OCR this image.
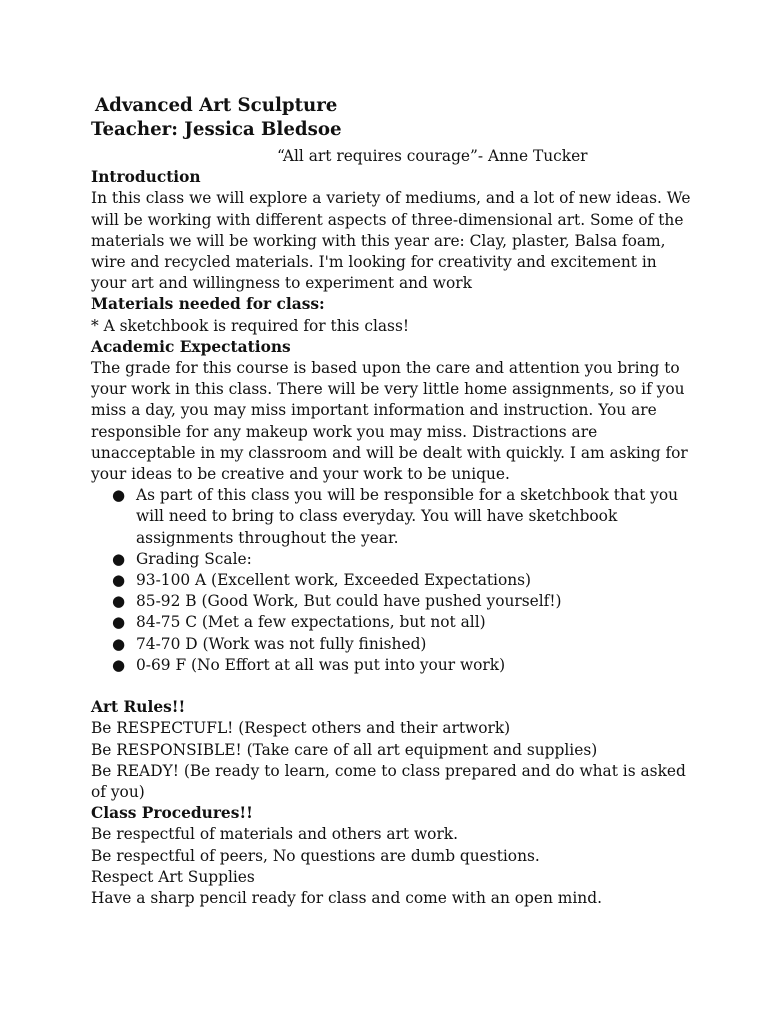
Advanced Art Sculpture
Teacher: Jessica Bledsoe

“All art requires courage”- Anne Tucker

Introduction

In this class we will explore a variety of mediums, and a lot of new ideas. We will be working with different aspects of three-dimensional art. Some of the materials we will be working with this year are: Clay, plaster, Balsa foam, wire and recycled materials. I'm looking for creativity and excitement in your art and willingness to experiment and work

Materials needed for class:

* A sketchbook is required for this class!

Academic Expectations

The grade for this course is based upon the care and attention you bring to your work in this class. There will be very little home assignments, so if you miss a day, you may miss important information and instruction. You are responsible for any makeup work you may miss. Distractions are unacceptable in my classroom and will be dealt with quickly. I am asking for your ideas to be creative and your work to be unique.

● As part of this class you will be responsible for a sketchbook that you will need to bring to class everyday. You will have sketchbook assignments throughout the year.
● Grading Scale:
● 93-100 A (Excellent work, Exceeded Expectations)
● 85-92 B (Good Work, But could have pushed yourself!)
● 84-75 C (Met a few expectations, but not all)
● 74-70 D (Work was not fully finished)
● 0-69 F (No Effort at all was put into your work)

Art Rules!!

Be RESPECTUFL! (Respect others and their artwork)

Be RESPONSIBLE! (Take care of all art equipment and supplies)

Be READY! (Be ready to learn, come to class prepared and do what is asked of you)

Class Procedures!!

Be respectful of materials and others art work.

Be respectful of peers, No questions are dumb questions.

Respect Art Supplies

Have a sharp pencil ready for class and come with an open mind.
